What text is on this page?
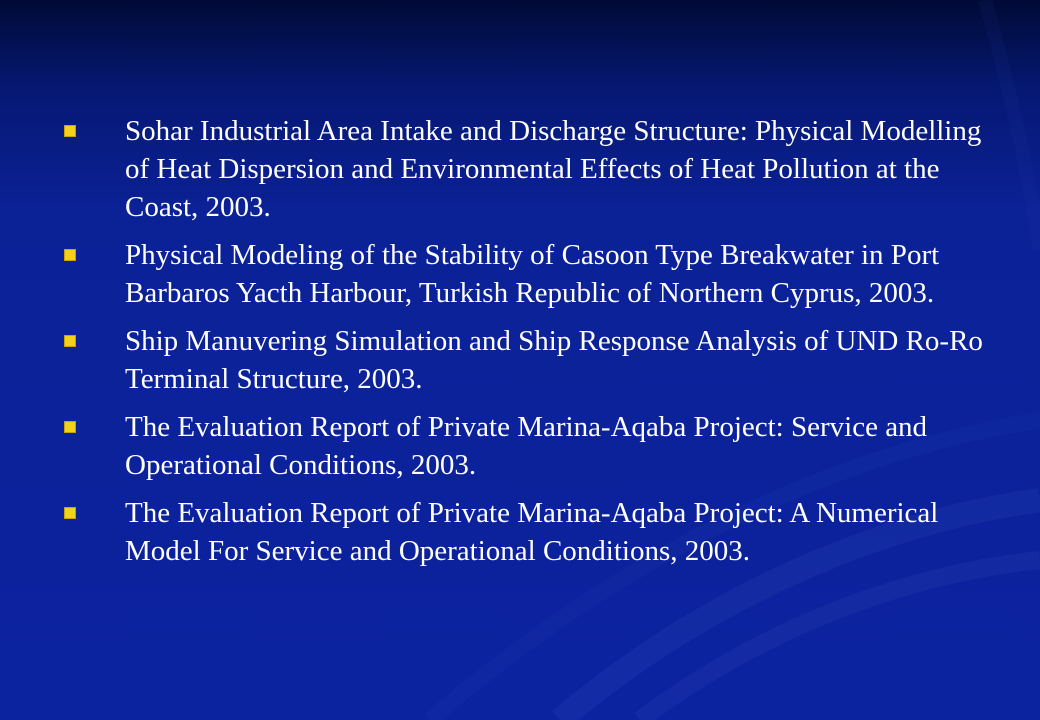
Sohar Industrial Area Intake and Discharge Structure: Physical Modelling of Heat Dispersion and Environmental Effects of Heat Pollution at the Coast, 2003.
Physical Modeling of the Stability of Casoon Type Breakwater in Port Barbaros Yacth Harbour, Turkish Republic of Northern Cyprus, 2003.
Ship Manuvering Simulation and Ship Response Analysis of UND Ro-Ro Terminal Structure, 2003.
The Evaluation Report of Private Marina-Aqaba Project: Service and Operational Conditions, 2003.
The Evaluation Report of Private Marina-Aqaba Project: A Numerical Model For Service and Operational Conditions, 2003.
